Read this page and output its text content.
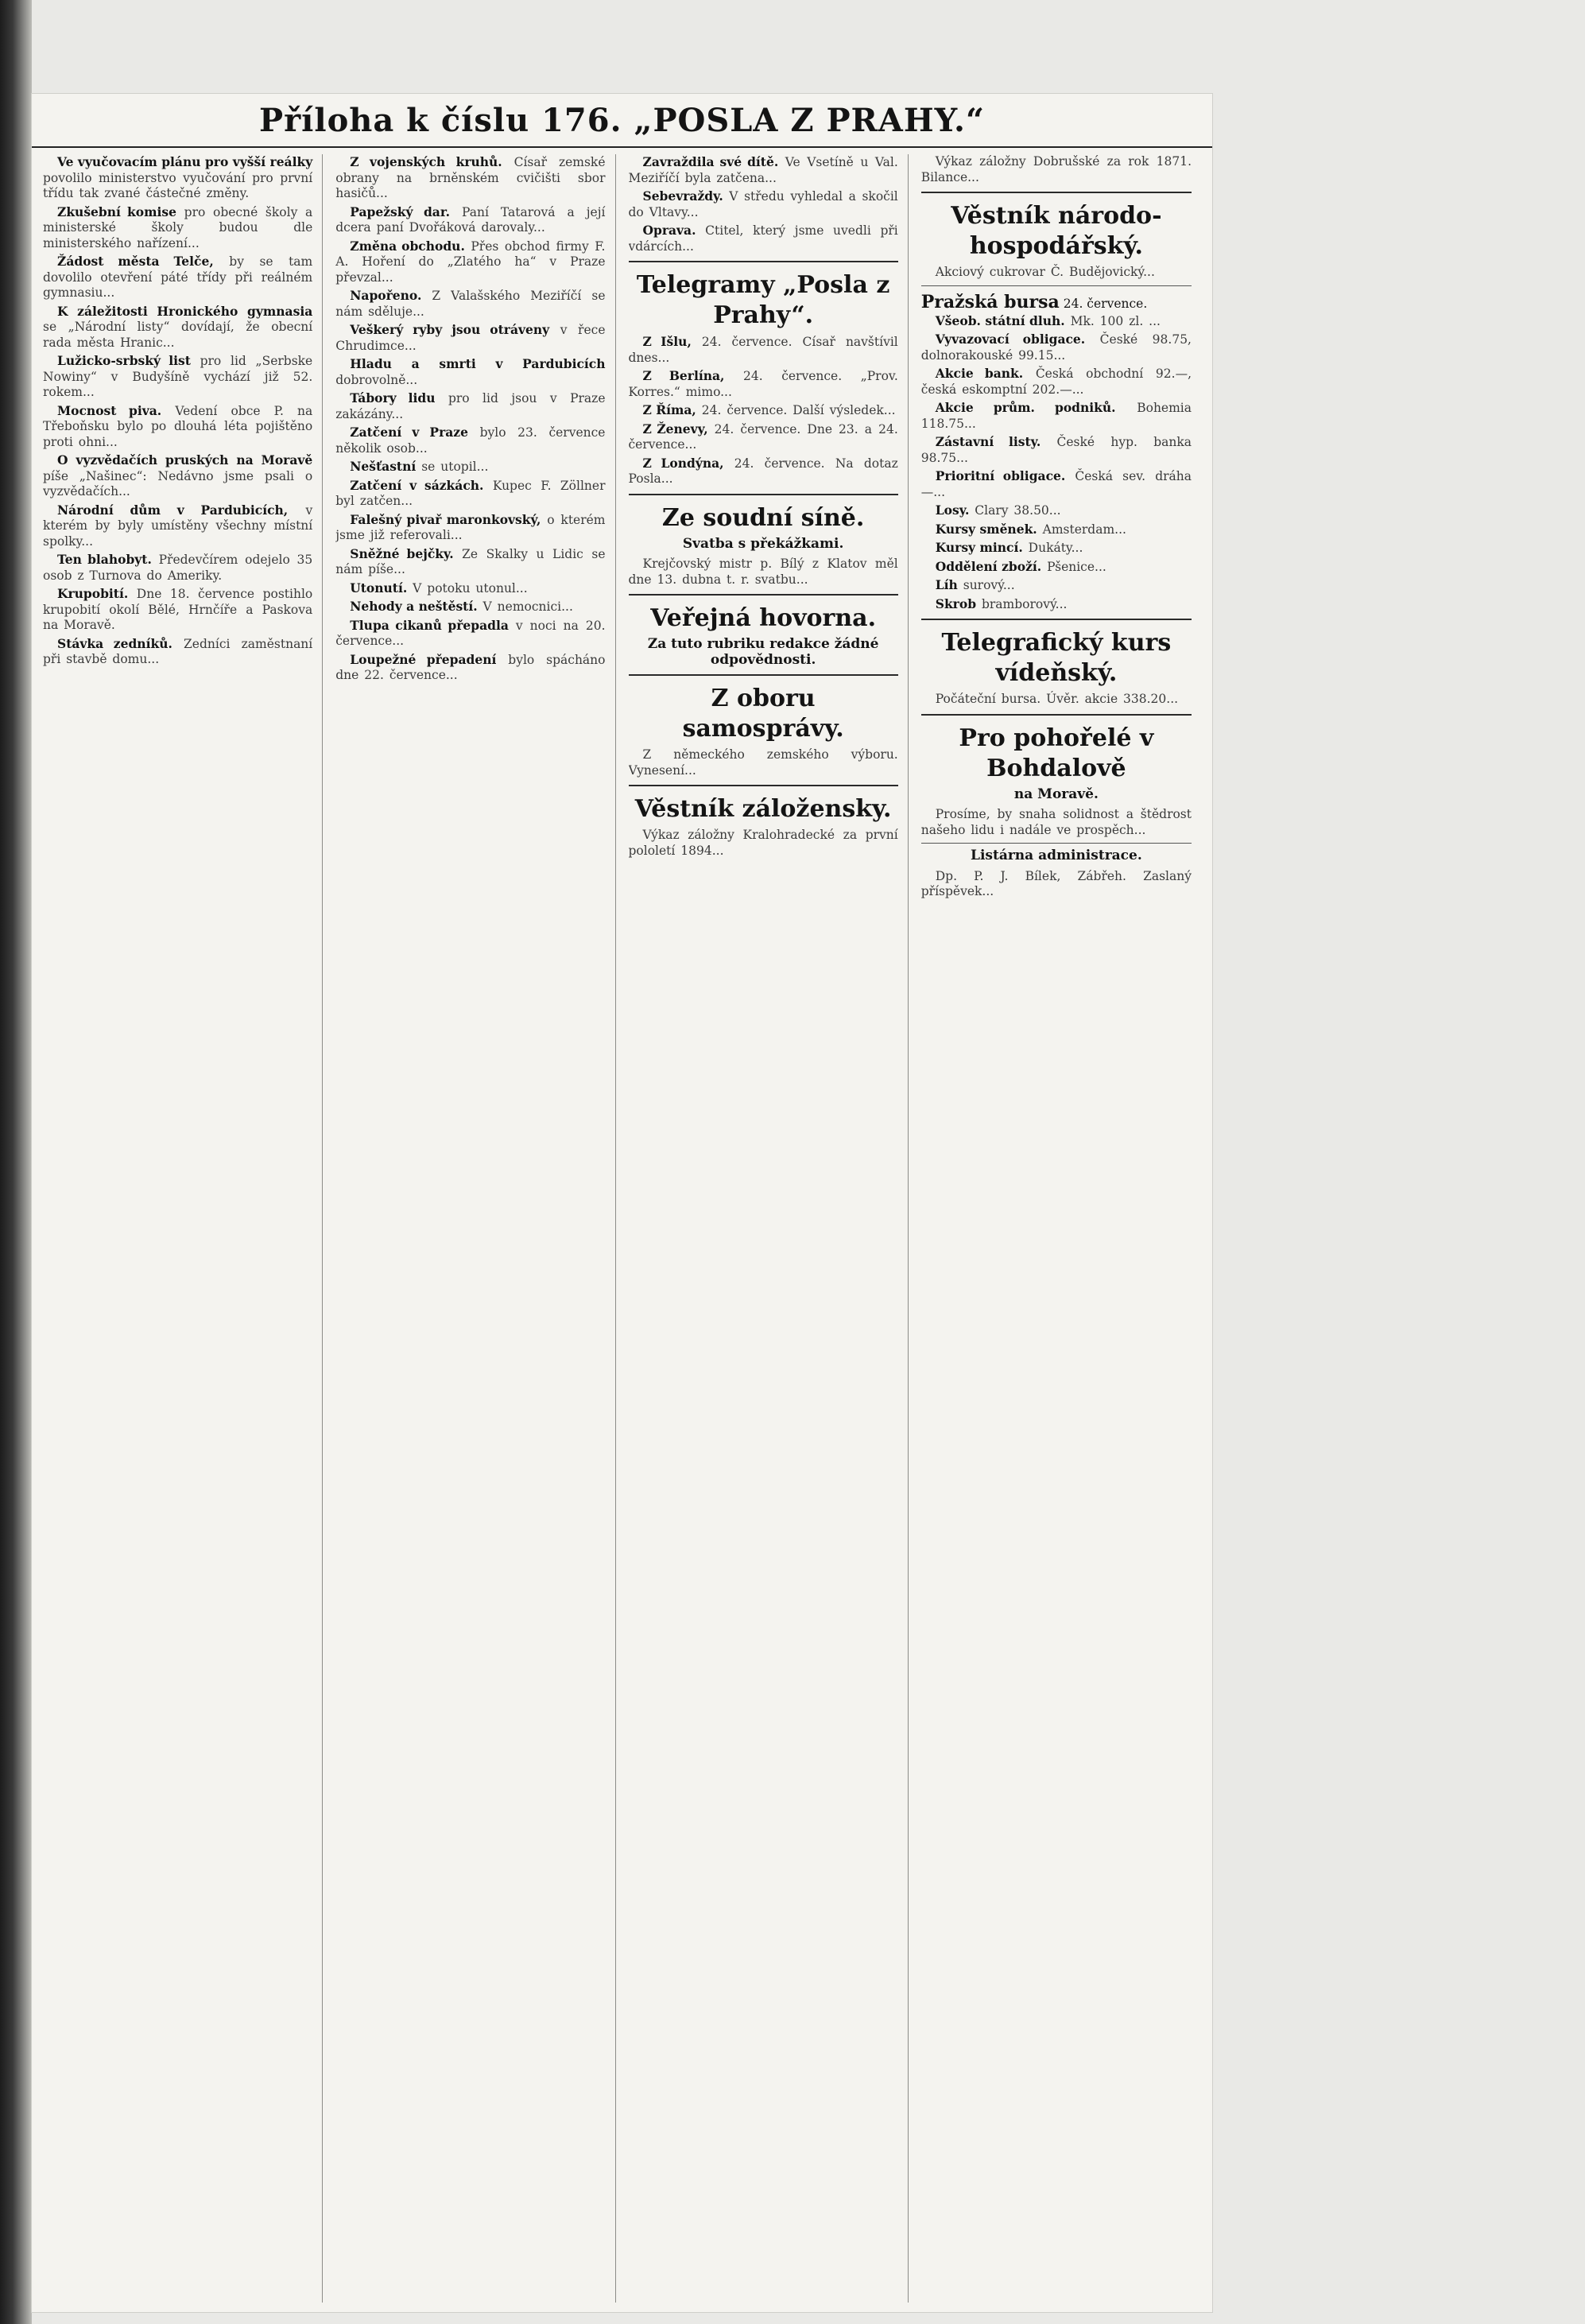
Příloha k číslu 176. „POSLA Z PRAHY.“

Ve vyučovacím plánu pro vyšší reálky povolilo ministerstvo vyučování pro první třídu tak zvané částečné změny.

Zkušební komise pro obecné školy a ministerské školy budou dle ministerského nařízení...

Žádost města Telče, by se tam dovolilo otevření páté třídy při reálném gymnasiu...

K záležitosti Hronického gymnasia se „Národní listy“ dovídají, že obecní rada města Hranic...

Lužicko-srbský list pro lid „Serbske Nowiny“ v Budyšíně vychází již 52. rokem...

Mocnost piva. Vedení obce P. na Třeboňsku bylo po dlouhá léta pojištěno proti ohni...

O vyzvědačích pruských na Moravě píše „Našinec“: Nedávno jsme psali o vyzvědačích...

Národní dům v Pardubicích, v kterém by byly umístěny všechny místní spolky...

Ten blahobyt. Předevčírem odejelo 35 osob z Turnova do Ameriky.

Krupobití. Dne 18. července postihlo krupobití okolí Bělé, Hrnčíře a Paskova na Moravě.

Stávka zedníků. Zedníci zaměstnaní při stavbě domu...

Z vojenských kruhů. Císař zemské obrany na brněnském cvičišti sbor hasičů...

Papežský dar. Paní Tatarová a její dcera paní Dvořáková darovaly...

Změna obchodu. Přes obchod firmy F. A. Hoření do „Zlatého ha“ v Praze převzal...

Napořeno. Z Valašského Meziříčí se nám sděluje...

Veškerý ryby jsou otráveny v řece Chrudimce...

Hladu a smrti v Pardubicích dobrovolně...

Tábory lidu pro lid jsou v Praze zakázány...

Zatčení v Praze bylo 23. července několik osob...

Nešťastní se utopil...

Zatčení v sázkách. Kupec F. Zöllner byl zatčen...

Falešný pivař maronkovský, o kterém jsme již referovali...

Sněžné bejčky. Ze Skalky u Lidic se nám píše...

Utonutí. V potoku utonul...

Nehody a neštěstí. V nemocnici...

Tlupa cikanů přepadla v noci na 20. července...

Loupežné přepadení bylo spácháno dne 22. července...

Zavraždila své dítě. Ve Vsetíně u Val. Meziříčí byla zatčena...

Sebevraždy. V středu vyhledal a skočil do Vltavy...

Oprava. Ctitel, který jsme uvedli při vdárcích...

Telegramy „Posla z Prahy“.

Z Išlu, 24. července. Císař navštívil dnes...

Z Berlína, 24. července. „Prov. Korres.“ mimo...

Z Říma, 24. července. Další výsledek...

Z Ženevy, 24. července. Dne 23. a 24. července...

Z Londýna, 24. července. Na dotaz Posla...

Ze soudní síně.
Svatba s překážkami.

Krejčovský mistr p. Bílý z Klatov měl dne 13. dubna t. r. svatbu...

Veřejná hovorna.
Za tuto rubriku redakce žádné odpovědnosti.
Z oboru samosprávy.

Z německého zemského výboru. Vynesení...

Věstník záložensky.

Výkaz záložny Kralohradecké za první pololetí 1894...

Výkaz záložny Dobrušské za rok 1871. Bilance...

Věstník národo-hospodářský.

Akciový cukrovar Č. Budějovický...

Pražská bursa 24. července.

Všeob. státní dluh. Mk. 100 zl. ...

Vyvazovací obligace. České 98.75, dolnorakouské 99.15...

Akcie bank. Česká obchodní 92.—, česká eskomptní 202.—...

Akcie prům. podniků. Bohemia 118.75...

Zástavní listy. České hyp. banka 98.75...

Prioritní obligace. Česká sev. dráha —...

Losy. Clary 38.50...

Kursy směnek. Amsterdam...

Kursy mincí. Dukáty...

Oddělení zboží. Pšenice...

Líh surový...

Skrob bramborový...

Telegrafický kurs vídeňský.

Počáteční bursa. Úvěr. akcie 338.20...

Pro pohořelé v Bohdalově
na Moravě.

Prosíme, by snaha solidnost a štědrost našeho lidu i nadále ve prospěch...

Listárna administrace.

Dp. P. J. Bílek, Zábřeh. Zaslaný příspěvek...
